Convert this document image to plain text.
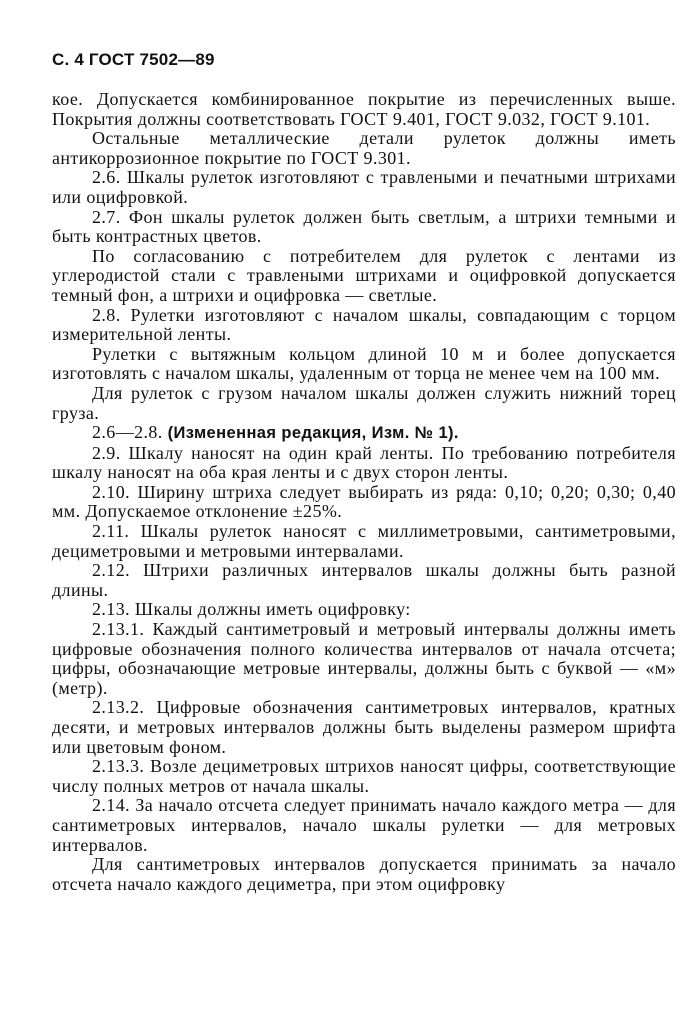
С. 4 ГОСТ 7502—89

кое. Допускается комбинированное покрытие из перечисленных выше. Покрытия должны соответствовать ГОСТ 9.401, ГОСТ 9.032, ГОСТ 9.101.

Остальные металлические детали рулеток должны иметь антикоррозионное покрытие по ГОСТ 9.301.

2.6. Шкалы рулеток изготовляют с травлеными и печатными штрихами или оцифровкой.

2.7. Фон шкалы рулеток должен быть светлым, а штрихи темными и быть контрастных цветов.

По согласованию с потребителем для рулеток с лентами из углеродистой стали с травлеными штрихами и оцифровкой допускается темный фон, а штрихи и оцифровка — светлые.

2.8. Рулетки изготовляют с началом шкалы, совпадающим с торцом измерительной ленты.

Рулетки с вытяжным кольцом длиной 10 м и более допускается изготовлять с началом шкалы, удаленным от торца не менее чем на 100 мм.

Для рулеток с грузом началом шкалы должен служить нижний торец груза.

2.6—2.8. (Измененная редакция, Изм. № 1).

2.9. Шкалу наносят на один край ленты. По требованию потребителя шкалу наносят на оба края ленты и с двух сторон ленты.

2.10. Ширину штриха следует выбирать из ряда: 0,10; 0,20; 0,30; 0,40 мм. Допускаемое отклонение ±25%.

2.11. Шкалы рулеток наносят с миллиметровыми, сантиметровыми, дециметровыми и метровыми интервалами.

2.12. Штрихи различных интервалов шкалы должны быть разной длины.

2.13. Шкалы должны иметь оцифровку:

2.13.1. Каждый сантиметровый и метровый интервалы должны иметь цифровые обозначения полного количества интервалов от начала отсчета; цифры, обозначающие метровые интервалы, должны быть с буквой — «м» (метр).

2.13.2. Цифровые обозначения сантиметровых интервалов, кратных десяти, и метровых интервалов должны быть выделены размером шрифта или цветовым фоном.

2.13.3. Возле дециметровых штрихов наносят цифры, соответствующие числу полных метров от начала шкалы.

2.14. За начало отсчета следует принимать начало каждого метра — для сантиметровых интервалов, начало шкалы рулетки — для метровых интервалов.

Для сантиметровых интервалов допускается принимать за начало отсчета начало каждого дециметра, при этом оцифровку
